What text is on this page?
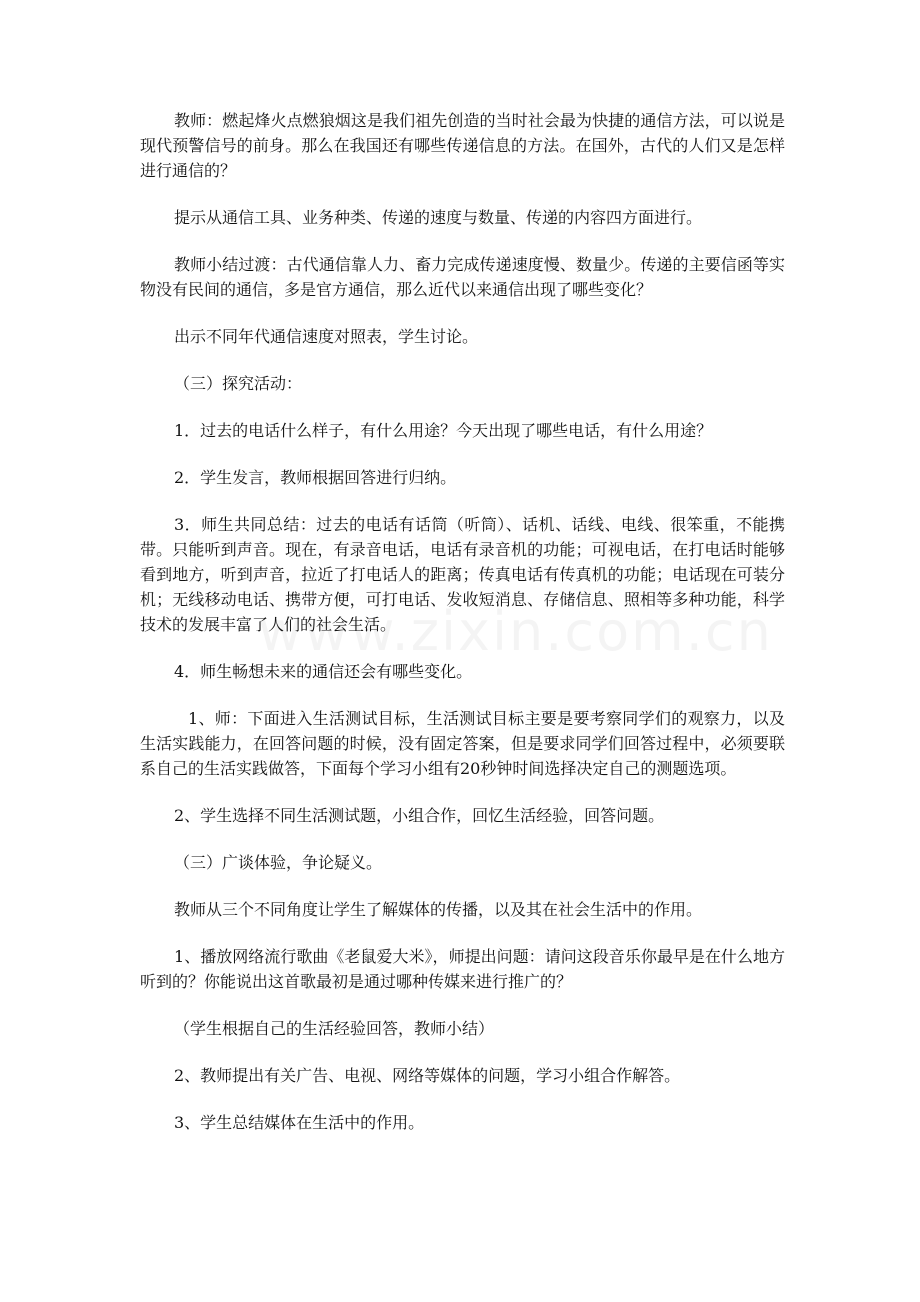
教师：燃起烽火点燃狼烟这是我们祖先创造的当时社会最为快捷的通信方法，可以说是现代预警信号的前身。那么在我国还有哪些传递信息的方法。在国外，古代的人们又是怎样进行通信的？

提示从通信工具、业务种类、传递的速度与数量、传递的内容四方面进行。

教师小结过渡：古代通信靠人力、畜力完成传递速度慢、数量少。传递的主要信函等实物没有民间的通信，多是官方通信，那么近代以来通信出现了哪些变化？

出示不同年代通信速度对照表，学生讨论。

（三）探究活动：

1．过去的电话什么样子，有什么用途？今天出现了哪些电话，有什么用途？

2．学生发言，教师根据回答进行归纳。

3．师生共同总结：过去的电话有话筒（听筒）、话机、话线、电线、很笨重，不能携带。只能听到声音。现在，有录音电话，电话有录音机的功能；可视电话，在打电话时能够看到地方，听到声音，拉近了打电话人的距离；传真电话有传真机的功能；电话现在可装分机；无线移动电话、携带方便，可打电话、发收短消息、存储信息、照相等多种功能，科学技术的发展丰富了人们的社会生活。

4．师生畅想未来的通信还会有哪些变化。

1、师：下面进入生活测试目标，生活测试目标主要是要考察同学们的观察力，以及生活实践能力，在回答问题的时候，没有固定答案，但是要求同学们回答过程中，必须要联系自己的生活实践做答，下面每个学习小组有20秒钟时间选择决定自己的测题选项。

2、学生选择不同生活测试题，小组合作，回忆生活经验，回答问题。

（三）广谈体验，争论疑义。

教师从三个不同角度让学生了解媒体的传播，以及其在社会生活中的作用。

1、播放网络流行歌曲《老鼠爱大米》，师提出问题：请问这段音乐你最早是在什么地方听到的？你能说出这首歌最初是通过哪种传媒来进行推广的？

（学生根据自己的生活经验回答，教师小结）

2、教师提出有关广告、电视、网络等媒体的问题，学习小组合作解答。

3、学生总结媒体在生活中的作用。
